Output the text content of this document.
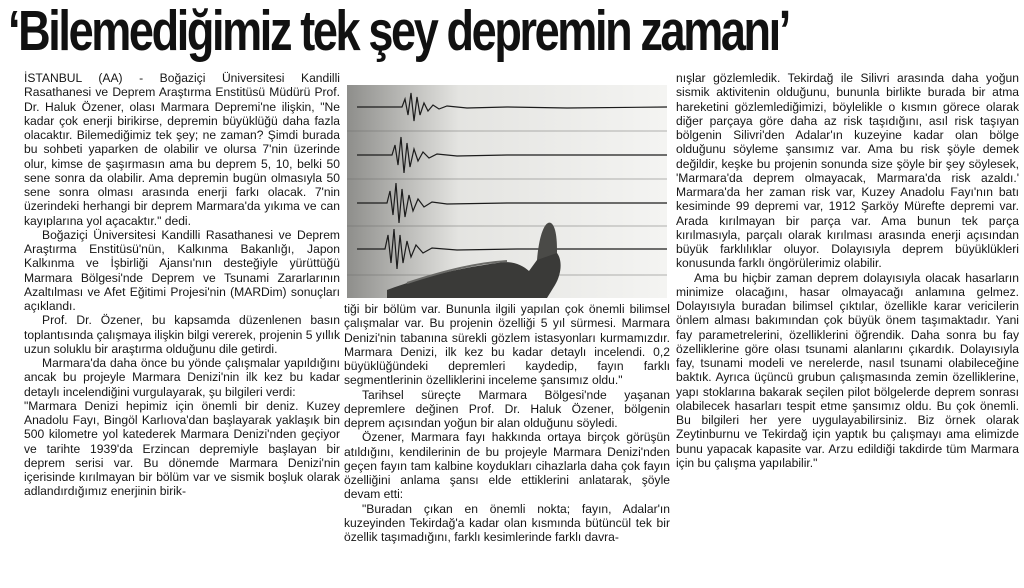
‘Bilemediğimiz tek şey depremin zamanı’

İSTANBUL (AA) - Boğaziçi Üniversitesi Kandilli Rasathanesi ve Deprem Araştırma Enstitüsü Müdürü Prof. Dr. Haluk Özener, olası Marmara Depremi'ne ilişkin, "Ne kadar çok enerji birikirse, depremin büyüklüğü daha fazla olacaktır. Bilemediğimiz tek şey; ne zaman? Şimdi burada bu sohbeti yaparken de olabilir ve olursa 7'nin üzerinde olur, kimse de şaşırmasın ama bu deprem 5, 10, belki 50 sene sonra da olabilir. Ama depremin bugün olmasıyla 50 sene sonra olması arasında enerji farkı olacak. 7'nin üzerindeki herhangi bir deprem Marmara'da yıkıma ve can kayıplarına yol açacaktır." dedi.

Boğaziçi Üniversitesi Kandilli Rasathanesi ve Deprem Araştırma Enstitüsü'nün, Kalkınma Bakanlığı, Japon Kalkınma ve İşbirliği Ajansı'nın desteğiyle yürüttüğü Marmara Bölgesi'nde Deprem ve Tsunami Zararlarının Azaltılması ve Afet Eğitimi Projesi'nin (MARDim) sonuçları açıklandı.

Prof. Dr. Özener, bu kapsamda düzenlenen basın toplantısında çalışmaya ilişkin bilgi vererek, projenin 5 yıllık uzun soluklu bir araştırma olduğunu dile getirdi.

Marmara'da daha önce bu yönde çalışmalar yapıldığını ancak bu projeyle Marmara Denizi'nin ilk kez bu kadar detaylı incelendiğini vurgulayarak, şu bilgileri verdi:

"Marmara Denizi hepimiz için önemli bir deniz. Kuzey Anadolu Fayı, Bingöl Karlıova'dan başlayarak yaklaşık bin 500 kilometre yol katederek Marmara Denizi'nden geçiyor ve tarihte 1939'da Erzincan depremiyle başlayan bir deprem serisi var. Bu dönemde Marmara Denizi'nin içerisinde kırılmayan bir bölüm var ve sismik boşluk olarak adlandırdığımız enerjinin birik-

tiği bir bölüm var. Bununla ilgili yapılan çok önemli bilimsel çalışmalar var. Bu projenin özelliği 5 yıl sürmesi. Marmara Denizi'nin tabanına sürekli gözlem istasyonları kurmamızdır. Marmara Denizi, ilk kez bu kadar detaylı incelendi. 0,2 büyüklüğündeki depremleri kaydedip, fayın farklı segmentlerinin özelliklerini inceleme şansımız oldu."

Tarihsel süreçte Marmara Bölgesi'nde yaşanan depremlere değinen Prof. Dr. Haluk Özener, bölgenin deprem açısından yoğun bir alan olduğunu söyledi.

Özener, Marmara fayı hakkında ortaya birçok görüşün atıldığını, kendilerinin de bu projeyle Marmara Denizi'nden geçen fayın tam kalbine koydukları cihazlarla daha çok fayın özelliğini anlama şansı elde ettiklerini anlatarak, şöyle devam etti:

"Buradan çıkan en önemli nokta; fayın, Adalar'ın kuzeyinden Tekirdağ'a kadar olan kısmında bütüncül tek bir özellik taşımadığını, farklı kesimlerinde farklı davra-

nışlar gözlemledik. Tekirdağ ile Silivri arasında daha yoğun sismik aktivitenin olduğunu, bununla birlikte burada bir atma hareketini gözlemlediğimizi, böylelikle o kısmın görece olarak diğer parçaya göre daha az risk taşıdığını, asıl risk taşıyan bölgenin Silivri'den Adalar'ın kuzeyine kadar olan bölge olduğunu söyleme şansımız var. Ama bu risk şöyle demek değildir, keşke bu projenin sonunda size şöyle bir şey söylesek, 'Marmara'da deprem olmayacak, Marmara'da risk azaldı.' Marmara'da her zaman risk var, Kuzey Anadolu Fayı'nın batı kesiminde 99 depremi var, 1912 Şarköy Mürefte depremi var. Arada kırılmayan bir parça var. Ama bunun tek parça kırılmasıyla, parçalı olarak kırılması arasında enerji açısından büyük farklılıklar oluyor. Dolayısıyla deprem büyüklükleri konusunda farklı öngörülerimiz olabilir.

Ama bu hiçbir zaman deprem dolayısıyla olacak hasarların minimize olacağını, hasar olmayacağı anlamına gelmez. Dolayısıyla buradan bilimsel çıktılar, özellikle karar vericilerin önlem alması bakımından çok büyük önem taşımaktadır. Yani fay parametrelerini, özelliklerini öğrendik. Daha sonra bu fay özelliklerine göre olası tsunami alanlarını çıkardık. Dolayısıyla fay, tsunami modeli ve nerelerde, nasıl tsunami olabileceğine baktık. Ayrıca üçüncü grubun çalışmasında zemin özelliklerine, yapı stoklarına bakarak seçilen pilot bölgelerde deprem sonrası olabilecek hasarları tespit etme şansımız oldu. Bu çok önemli. Bu bilgileri her yere uygulayabilirsiniz. Biz örnek olarak Zeytinburnu ve Tekirdağ için yaptık bu çalışmayı ama elimizde bunu yapacak kapasite var. Arzu edildiği takdirde tüm Marmara için bu çalışma yapılabilir."
